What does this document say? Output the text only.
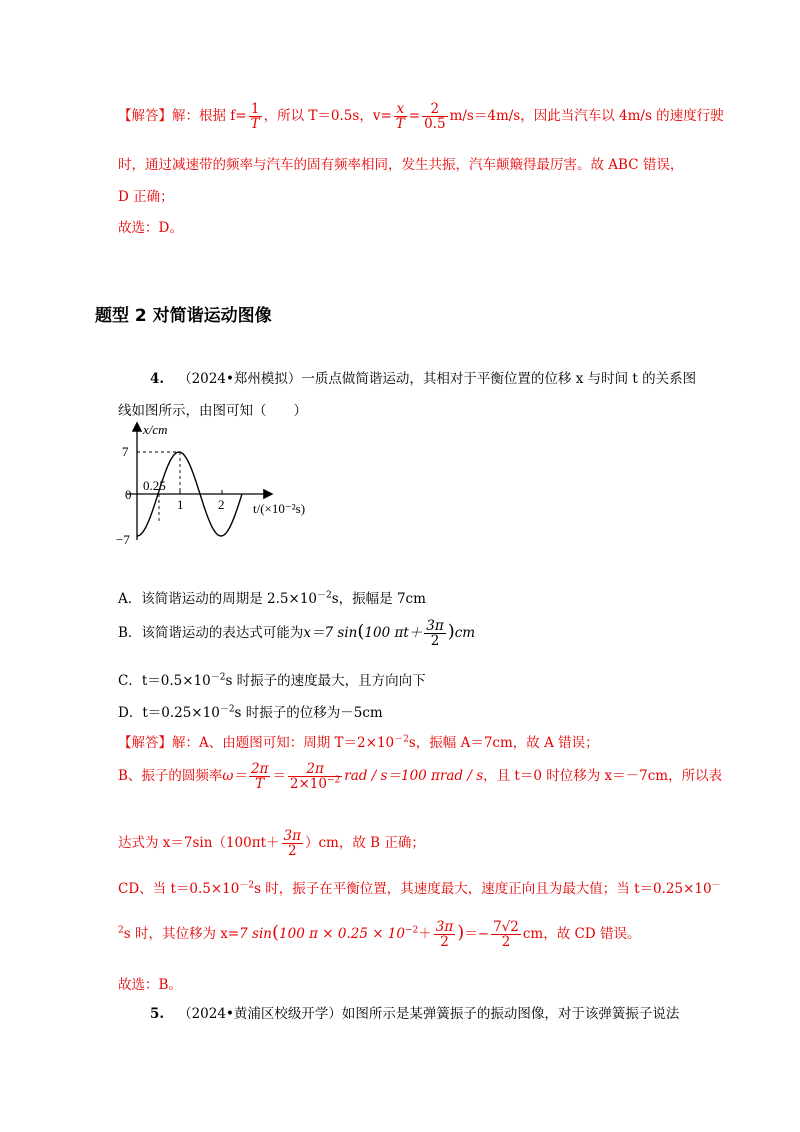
【解答】解：根据 $f= \frac{1}{T}$ ，所以 T＝0.5s，$v= \frac{x}{T} = \frac{2}{0.5} m/s=4m/s$，因此当汽车以 4m/s 的速度行驶
时，通过减速带的频率与汽车的固有频率相同，发生共振，汽车颠簸得最厉害。故 ABC 错误，
D 正确；
故选：D。
题型 2 对简谐运动图像
4. （2024•郑州模拟）一质点做简谐运动，其相对于平衡位置的位移 x 与时间 t 的关系图
线如图所示，由图可知（　　）
x/cm
7
0
−7
0.25
1	2 t/(×10⁻²s)
A．该简谐运动的周期是 $2.5\times 10^{-2}s$，振幅是 7cm
B．该简谐运动的表达式可能为x＝7 sin(100 $\pi t+ \frac{3\pi}{2} )cm$
C．$t=0.5\times 10^{-2}s$ 时振子的速度最大，且方向向下
D．$t=0.25\times 10^{-2}s$ 时振子的位移为－5cm
【解答】解：A、由题图可知：周期 $T=2\times 10^{-2}s$，振幅 A＝7cm，故 A 错误；
B、振子的圆频率$\omega= \frac{2\pi}{T} = \frac{2\pi}{2\times 10^{-2}}$ rad / s＝100 πrad / s，且 t＝0 时位移为 x＝－7cm，所以表
达式为 $x=7\sin(100\pi t+ \frac{3\pi}{2} )cm$，故 B 正确；
CD、当 $t=0.5\times 10^{-2}s$ 时，振子在平衡位置，其速度最大，速度正向且为最大值；当 t＝0.25×10－
$^2$s 时，其位移为 x=7 sin(100 $\pi \times 0.25 \times 10^{-2}+ \frac{3\pi}{2}$ )＝− $\frac{7√2}{2}$ cm，故 CD 错误。
故选：B。
5. （2024•黄浦区校级开学）如图所示是某弹簧振子的振动图像，对于该弹簧振子说法
